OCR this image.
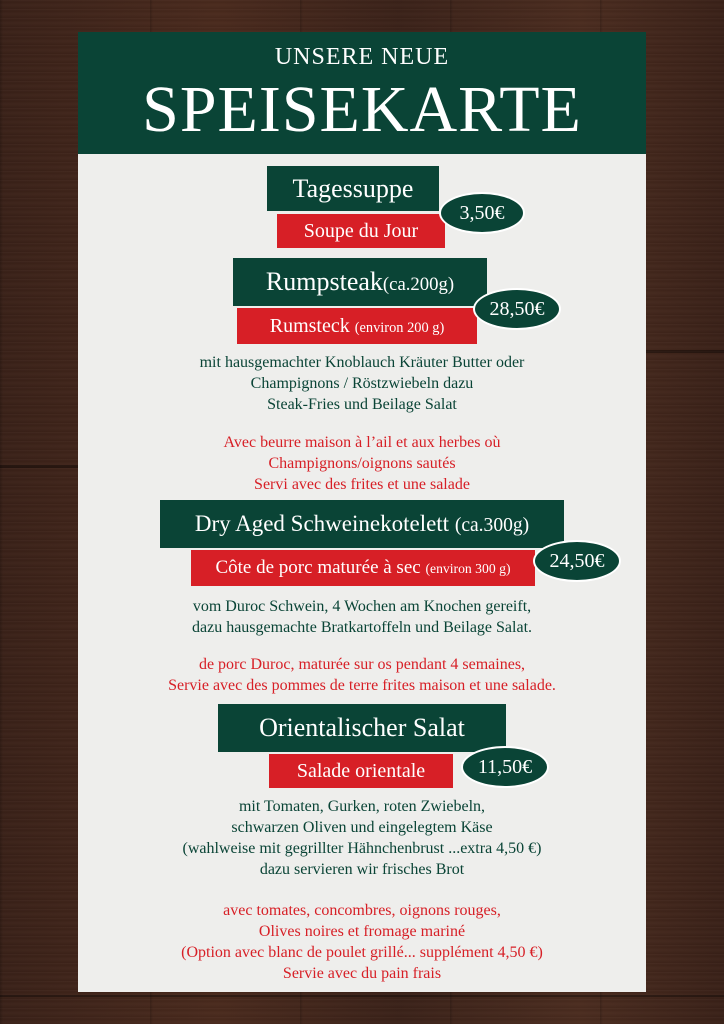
UNSERE NEUE
SPEISEKARTE
Tagessuppe
Soupe du Jour
3,50€
Rumpsteak(ca.200g)
Rumsteck (environ 200 g)
28,50€
mit hausgemachter Knoblauch Kräuter Butter oder
Champignons / Röstzwiebeln dazu
Steak-Fries und Beilage Salat
Avec beurre maison à l’ail et aux herbes où
Champignons/oignons sautés
Servi avec des frites et une salade
Dry Aged Schweinekotelett (ca.300g)
Côte de porc maturée à sec (environ 300 g)	24,50€
vom Duroc Schwein, 4 Wochen am Knochen gereift,
dazu hausgemachte Bratkartoffeln und Beilage Salat.
de porc Duroc, maturée sur os pendant 4 semaines,
Servie avec des pommes de terre frites maison et une salade.
Orientalischer Salat
Salade orientale	11,50€
mit Tomaten, Gurken, roten Zwiebeln,
schwarzen Oliven und eingelegtem Käse
(wahlweise mit gegrillter Hähnchenbrust ...extra 4,50 €)
dazu servieren wir frisches Brot
avec tomates, concombres, oignons rouges,
Olives noires et fromage mariné
(Option avec blanc de poulet grillé... supplément 4,50 €)
Servie avec du pain frais
